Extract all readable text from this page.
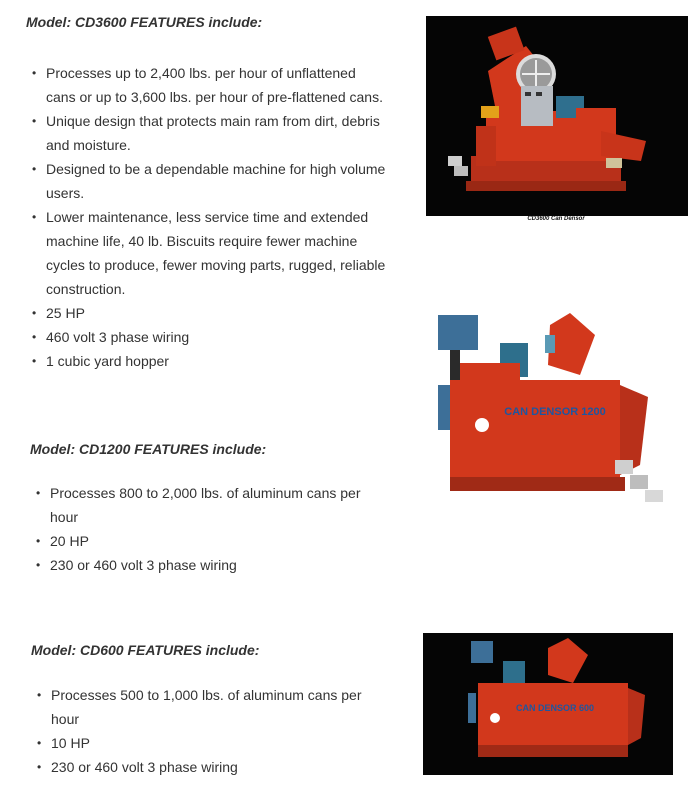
Model: CD3600 FEATURES include:
• Processes up to 2,400 lbs. per hour of unflattened cans or up to 3,600 lbs. per hour of pre-flattened cans.
• Unique design that protects main ram from dirt, debris and moisture.
• Designed to be a dependable machine for high volume users.
• Lower maintenance, less service time and extended machine life, 40 lb. Biscuits require fewer machine cycles to produce, fewer moving parts, rugged, reliable construction.
• 25 HP
• 460 volt 3 phase wiring
• 1 cubic yard hopper
CD3600 Can Densor
Model: CD1200 FEATURES include:
• Processes 800 to 2,000 lbs. of aluminum cans per hour
• 20 HP
• 230 or 460 volt 3 phase wiring
CAN DENSOR 1200
Model: CD600 FEATURES include:
• Processes 500 to 1,000 lbs. of aluminum cans per hour
• 10 HP
• 230 or 460 volt 3 phase wiring
CAN DENSOR 600
